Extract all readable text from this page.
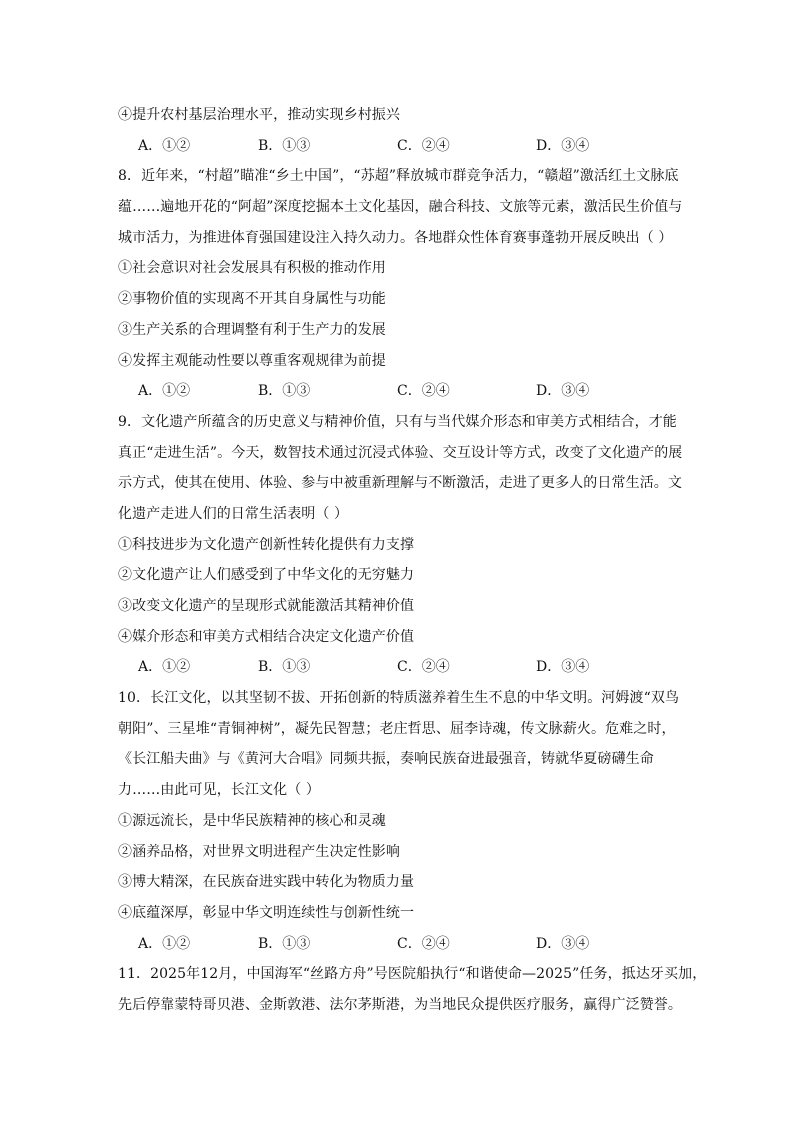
④提升农村基层治理水平，推动实现乡村振兴
A．①②	B．①③	C．②④	D．③④
8．近年来，“村超”瞄准“乡土中国”，“苏超”释放城市群竞争活力，“赣超”激活红土文脉底
蕴……遍地开花的“阿超”深度挖掘本土文化基因，融合科技、文旅等元素，激活民生价值与
城市活力，为推进体育强国建设注入持久动力。各地群众性体育赛事蓬勃开展反映出（ ）
①社会意识对社会发展具有积极的推动作用
②事物价值的实现离不开其自身属性与功能
③生产关系的合理调整有利于生产力的发展
④发挥主观能动性要以尊重客观规律为前提
A．①②	B．①③	C．②④	D．③④
9．文化遗产所蕴含的历史意义与精神价值，只有与当代媒介形态和审美方式相结合，才能
真正“走进生活”。今天，数智技术通过沉浸式体验、交互设计等方式，改变了文化遗产的展
示方式，使其在使用、体验、参与中被重新理解与不断激活，走进了更多人的日常生活。文
化遗产走进人们的日常生活表明（ ）
①科技进步为文化遗产创新性转化提供有力支撑
②文化遗产让人们感受到了中华文化的无穷魅力
③改变文化遗产的呈现形式就能激活其精神价值
④媒介形态和审美方式相结合决定文化遗产价值
A．①②	B．①③	C．②④	D．③④
10．长江文化，以其坚韧不拔、开拓创新的特质滋养着生生不息的中华文明。河姆渡“双鸟
朝阳”、三星堆“青铜神树”，凝先民智慧；老庄哲思、屈李诗魂，传文脉薪火。危难之时，
《长江船夫曲》与《黄河大合唱》同频共振，奏响民族奋进最强音，铸就华夏磅礴生命
力……由此可见，长江文化（ ）
①源远流长，是中华民族精神的核心和灵魂
②涵养品格，对世界文明进程产生决定性影响
③博大精深，在民族奋进实践中转化为物质力量
④底蕴深厚，彰显中华文明连续性与创新性统一
A．①②	B．①③	C．②④	D．③④
11．2025年12月，中国海军“丝路方舟”号医院船执行“和谐使命—2025”任务，抵达牙买加，
先后停靠蒙特哥贝港、金斯敦港、法尔茅斯港，为当地民众提供医疗服务，赢得广泛赞誉。
